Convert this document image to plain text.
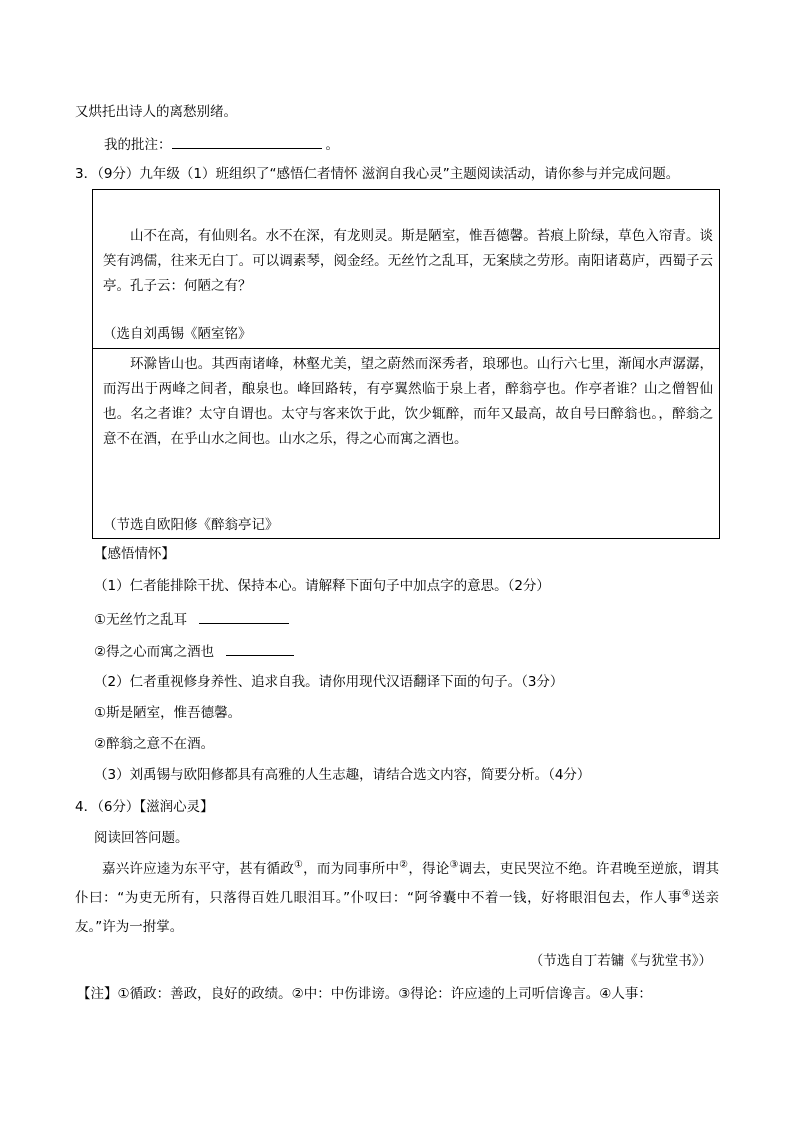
又烘托出诗人的离愁别绪。
我的批注：	。
3．（9分）九年级（1）班组织了“感悟仁者情怀 滋润自我心灵”主题阅读活动，请你参与并完成问题。
山不在高，有仙则名。水不在深，有龙则灵。斯是陋室，惟吾德馨。苔痕上阶绿，草色入帘青。谈笑有鸿儒，往来无白丁。可以调素琴，阅金经。无丝竹之乱耳，无案牍之劳形。南阳诸葛庐，西蜀子云亭。孔子云：何陋之有？
（选自刘禹锡《陋室铭》
环滁皆山也。其西南诸峰，林壑尤美，望之蔚然而深秀者，琅琊也。山行六七里，渐闻水声潺潺，而泻出于两峰之间者，酿泉也。峰回路转，有亭翼然临于泉上者，醉翁亭也。作亭者谁？山之僧智仙也。名之者谁？太守自谓也。太守与客来饮于此，饮少辄醉，而年又最高，故自号曰醉翁也。，醉翁之意不在酒，在乎山水之间也。山水之乐，得之心而寓之酒也。
（节选自欧阳修《醉翁亭记》
【感悟情怀】
（1）仁者能排除干扰、保持本心。请解释下面句子中加点字的意思。（2分）
①无丝竹之乱耳
②得之心而寓之酒也
（2）仁者重视修身养性、追求自我。请你用现代汉语翻译下面的句子。（3分）
①斯是陋室，惟吾德馨。
②醉翁之意不在酒。
（3）刘禹锡与欧阳修都具有高雅的人生志趣，请结合选文内容，简要分析。（4分）
4．（6分）【滋润心灵】
阅读回答问题。
嘉兴许应逵为东平守，甚有循政①，而为同事所中②，得论③调去，吏民哭泣不绝。许君晚至逆旅，谓其仆曰：“为吏无所有，只落得百姓几眼泪耳。”仆叹曰：“阿爷囊中不着一钱，好将眼泪包去，作人事④送亲友。”许为一拊掌。
（节选自丁若镛《与犹堂书》）
【注】①循政：善政，良好的政绩。②中：中伤诽谤。③得论：许应逵的上司听信谗言。④人事：
